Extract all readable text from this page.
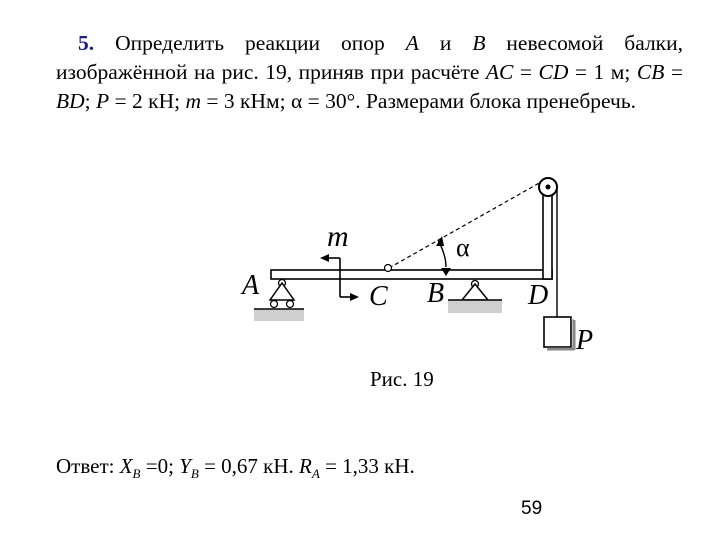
5. Определить реакции опор A и B невесомой балки, изображённой на рис. 19, приняв при расчёте AC = CD = 1 м; CB = BD; P = 2 кН; m = 3 кНм; α = 30°. Размерами блока пренебречь.

m	α
A	C B	D
P
Рис. 19
Ответ: $X_B =0$; $Y_B = 0,67$ кН. $R_A = 1,33$ кН.
59
